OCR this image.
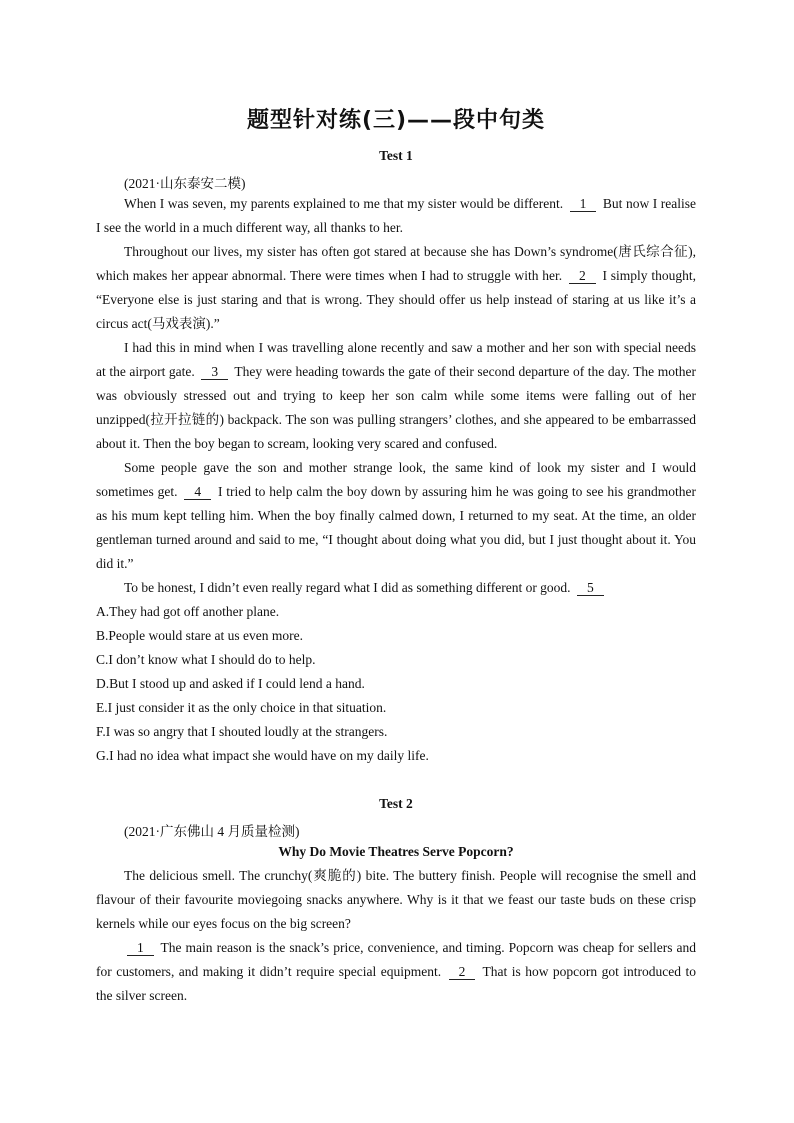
题型针对练(三)——段中句类
Test 1
(2021·山东泰安二模)

When I was seven, my parents explained to me that my sister would be different. 1 But now I realise I see the world in a much different way, all thanks to her.

Throughout our lives, my sister has often got stared at because she has Down’s syndrome(唐氏综合征), which makes her appear abnormal. There were times when I had to struggle with her. 2 I simply thought, “Everyone else is just staring and that is wrong. They should offer us help instead of staring at us like it’s a circus act(马戏表演).”

I had this in mind when I was travelling alone recently and saw a mother and her son with special needs at the airport gate. 3 They were heading towards the gate of their second departure of the day. The mother was obviously stressed out and trying to keep her son calm while some items were falling out of her unzipped(拉开拉链的) backpack. The son was pulling strangers’ clothes, and she appeared to be embarrassed about it. Then the boy began to scream, looking very scared and confused.

Some people gave the son and mother strange look, the same kind of look my sister and I would sometimes get. 4 I tried to help calm the boy down by assuring him he was going to see his grandmother as his mum kept telling him. When the boy finally calmed down, I returned to my seat. At the time, an older gentleman turned around and said to me, “I thought about doing what you did, but I just thought about it. You did it.”

To be honest, I didn’t even really regard what I did as something different or good. 5

A.They had got off another plane.
B.People would stare at us even more.
C.I don’t know what I should do to help.
D.But I stood up and asked if I could lend a hand.
E.I just consider it as the only choice in that situation.
F.I was so angry that I shouted loudly at the strangers.
G.I had no idea what impact she would have on my daily life.
Test 2
(2021·广东佛山 4 月质量检测)
Why Do Movie Theatres Serve Popcorn?

The delicious smell. The crunchy(爽脆的) bite. The buttery finish. People will recognise the smell and flavour of their favourite moviegoing snacks anywhere. Why is it that we feast our taste buds on these crisp kernels while our eyes focus on the big screen?

1 The main reason is the snack’s price, convenience, and timing. Popcorn was cheap for sellers and for customers, and making it didn’t require special equipment. 2 That is how popcorn got introduced to the silver screen.
